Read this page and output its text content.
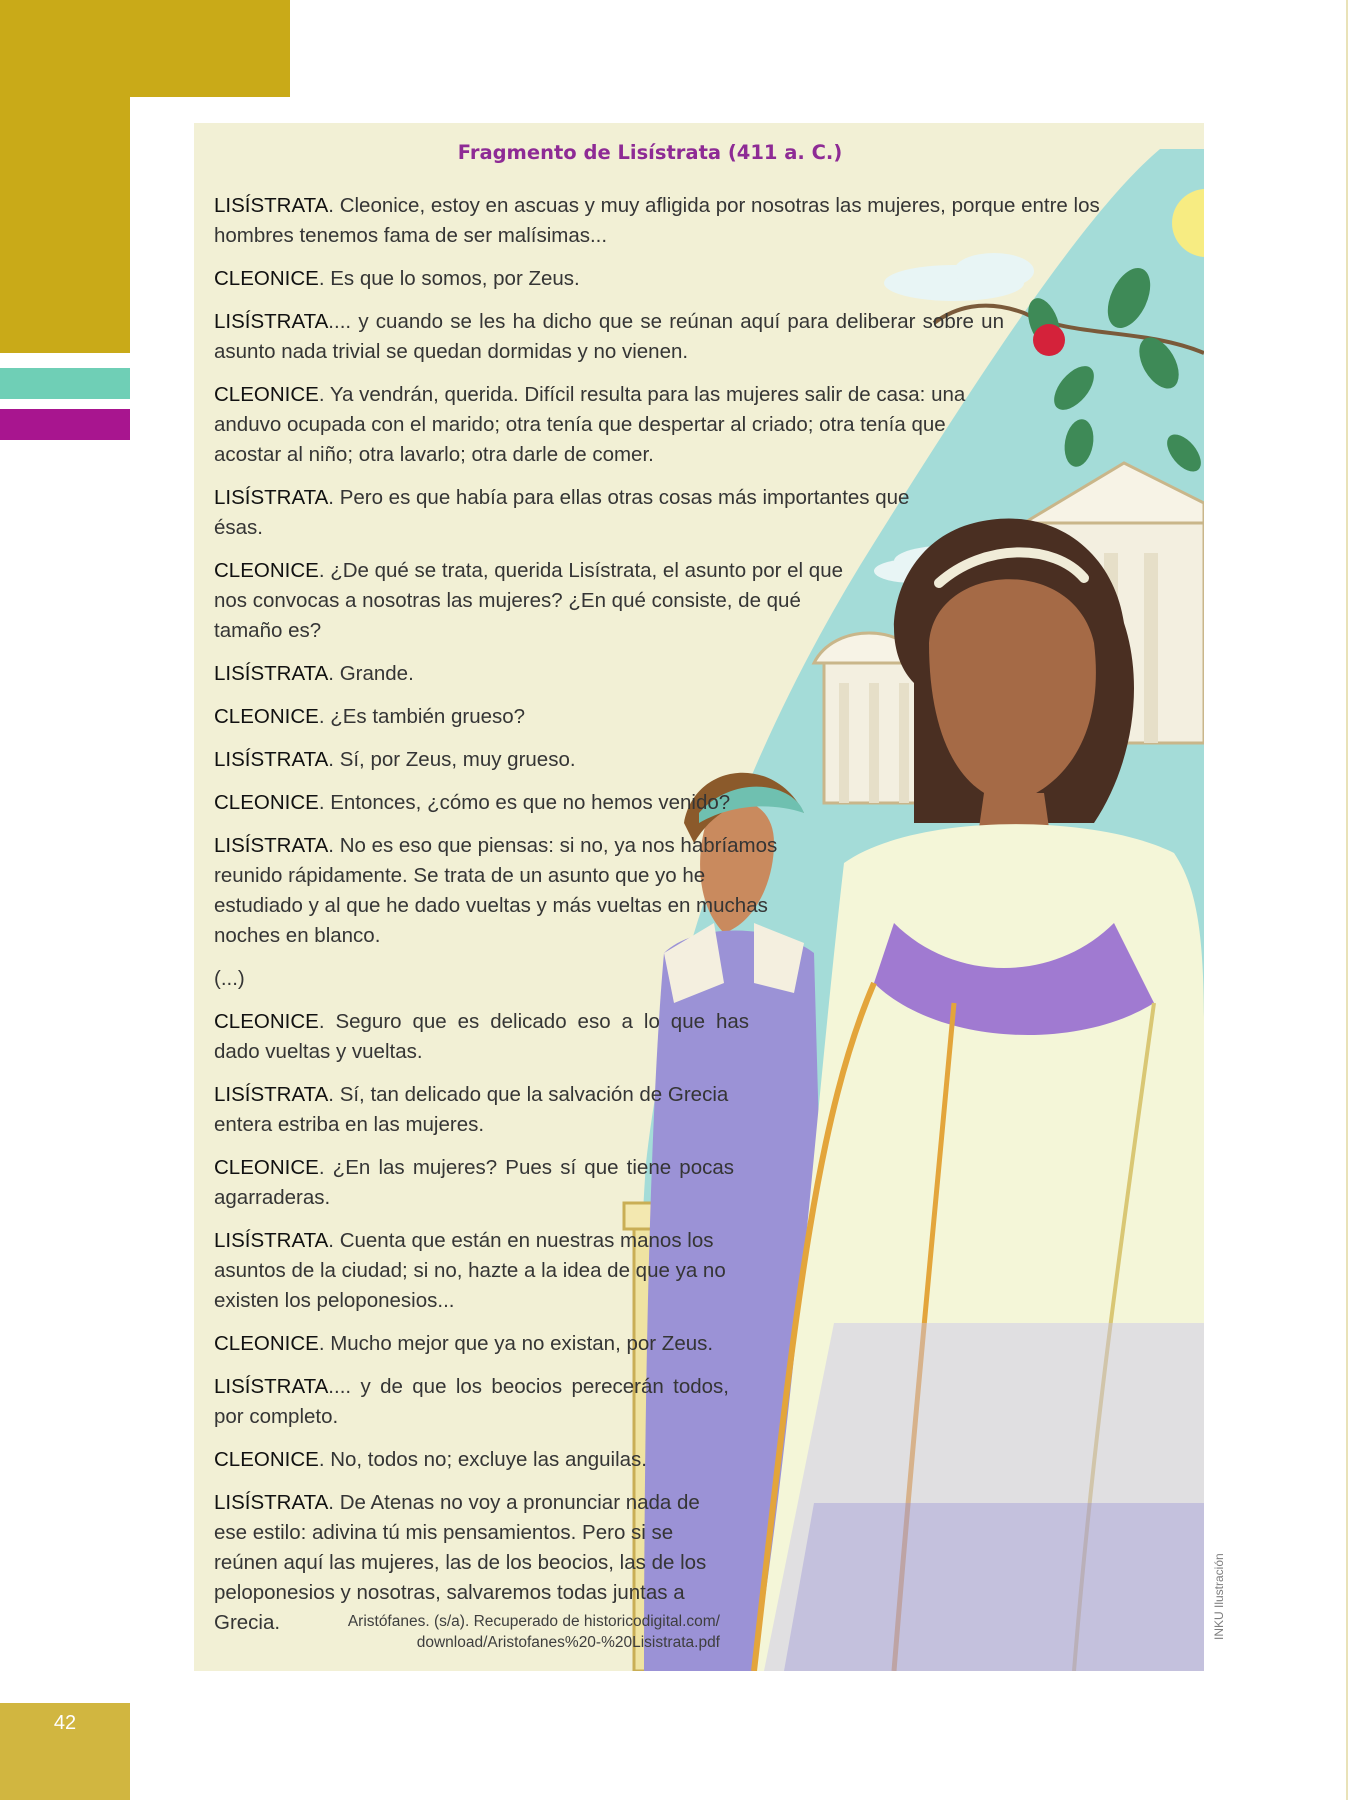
Fragmento de Lisístrata (411 a. C.)

LISÍSTRATA. Cleonice, estoy en ascuas y muy afligida por nosotras las mujeres, porque entre los hombres tenemos fama de ser malísimas...

CLEONICE. Es que lo somos, por Zeus.

LISÍSTRATA.... y cuando se les ha dicho que se reúnan aquí para deliberar sobre un asunto nada trivial se quedan dormidas y no vienen.

CLEONICE. Ya vendrán, querida. Difícil resulta para las mujeres salir de casa: una anduvo ocupada con el marido; otra tenía que despertar al criado; otra tenía que acostar al niño; otra lavarlo; otra darle de comer.

LISÍSTRATA. Pero es que había para ellas otras cosas más importantes que ésas.

CLEONICE. ¿De qué se trata, querida Lisístrata, el asunto por el que nos convocas a nosotras las mujeres? ¿En qué consiste, de qué tamaño es?

LISÍSTRATA. Grande.

CLEONICE. ¿Es también grueso?

LISÍSTRATA. Sí, por Zeus, muy grueso.

CLEONICE. Entonces, ¿cómo es que no hemos venido?

LISÍSTRATA. No es eso que piensas: si no, ya nos habríamos reunido rápidamente. Se trata de un asunto que yo he estudiado y al que he dado vueltas y más vueltas en muchas noches en blanco.

(...)

CLEONICE. Seguro que es delicado eso a lo que has dado vueltas y vueltas.

LISÍSTRATA. Sí, tan delicado que la salvación de Grecia entera estriba en las mujeres.

CLEONICE. ¿En las mujeres? Pues sí que tiene pocas agarraderas.

LISÍSTRATA. Cuenta que están en nuestras manos los asuntos de la ciudad; si no, hazte a la idea de que ya no existen los peloponesios...

CLEONICE. Mucho mejor que ya no existan, por Zeus.

LISÍSTRATA.... y de que los beocios perecerán todos, por completo.

CLEONICE. No, todos no; excluye las anguilas.

LISÍSTRATA. De Atenas no voy a pronunciar nada de ese estilo: adivina tú mis pensamientos. Pero si se reúnen aquí las mujeres, las de los beocios, las de los peloponesios y nosotras, salvaremos todas juntas a Grecia.	Aristófanes. (s/a). Recuperado de historicodigital.com/
download/Aristofanes%20-%20Lisistrata.pdf
INKU Ilustración
42
